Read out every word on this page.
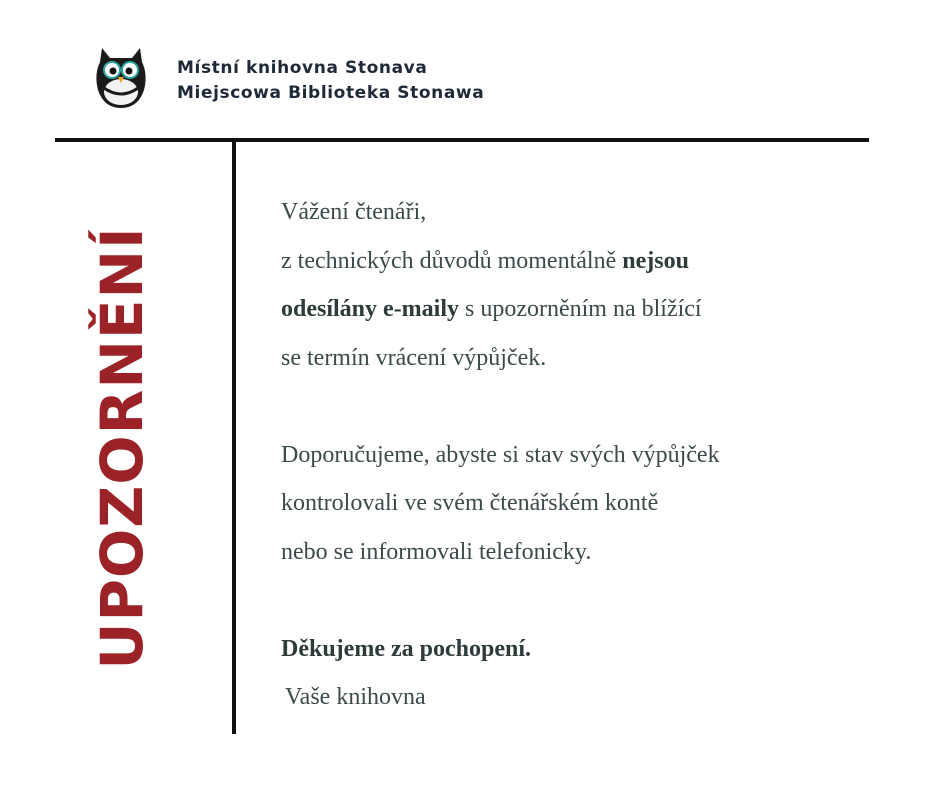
Místní knihovna Stonava
Miejscowa Biblioteka Stonawa
UPOZORNĚNÍ
Vážení čtenáři,
z technických důvodů momentálně nejsou
odesílány e-maily s upozorněním na blížící
se termín vrácení výpůjček.
Doporučujeme, abyste si stav svých výpůjček
kontrolovali ve svém čtenářském kontě
nebo se informovali telefonicky.
Děkujeme za pochopení.
Vaše knihovna
